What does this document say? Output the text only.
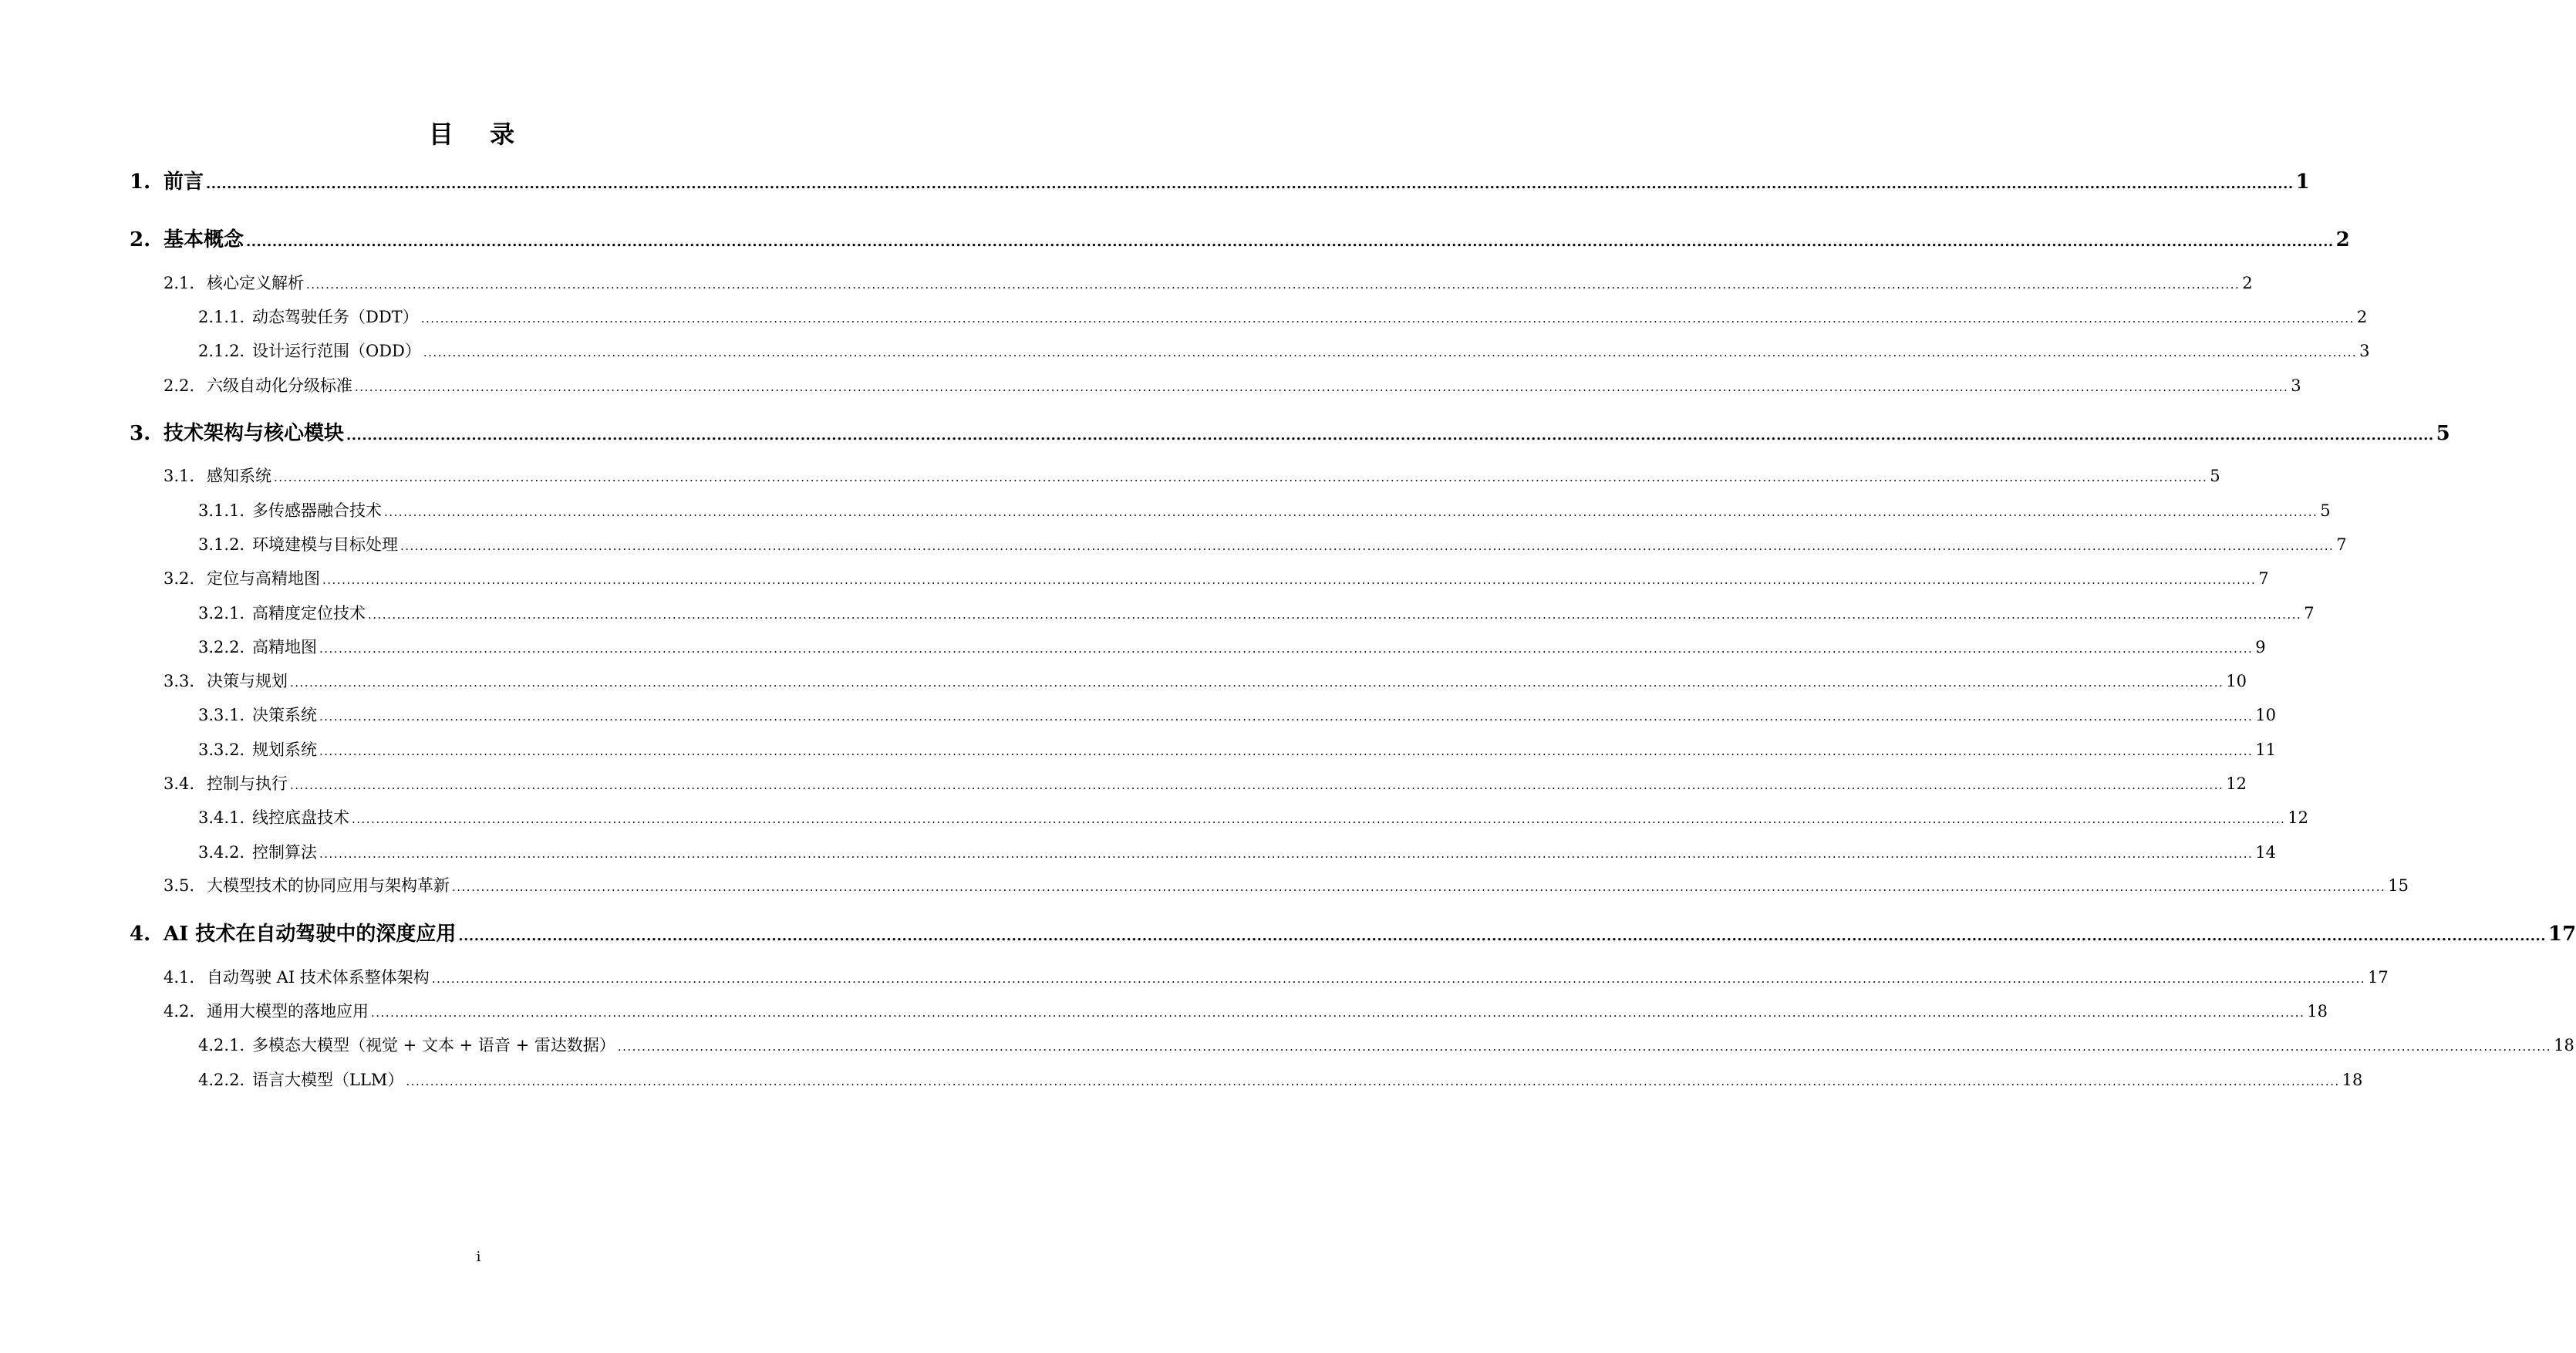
目 录
1. 前言 ................................................................................................................................................................................................................................................................................................................................................................................................................ 1
2. 基本概念 ................................................................................................................................................................................................................................................................................................................................................................................................................ 2
2.1. 核心定义解析 ................................................................................................................................................................................................................................................................................................................................................................................................................ 2
2.1.1. 动态驾驶任务（DDT） ................................................................................................................................................................................................................................................................................................................................................................................................................ 2
2.1.2. 设计运行范围（ODD） ................................................................................................................................................................................................................................................................................................................................................................................................................ 3
2.2. 六级自动化分级标准 ................................................................................................................................................................................................................................................................................................................................................................................................................ 3
3. 技术架构与核心模块 ................................................................................................................................................................................................................................................................................................................................................................................................................ 5
3.1. 感知系统 ................................................................................................................................................................................................................................................................................................................................................................................................................ 5
3.1.1. 多传感器融合技术 ................................................................................................................................................................................................................................................................................................................................................................................................................ 5
3.1.2. 环境建模与目标处理 ................................................................................................................................................................................................................................................................................................................................................................................................................ 7
3.2. 定位与高精地图 ................................................................................................................................................................................................................................................................................................................................................................................................................ 7
3.2.1. 高精度定位技术 ................................................................................................................................................................................................................................................................................................................................................................................................................ 7
3.2.2. 高精地图 ................................................................................................................................................................................................................................................................................................................................................................................................................ 9
3.3. 决策与规划 ................................................................................................................................................................................................................................................................................................................................................................................................................ 10
3.3.1. 决策系统 ................................................................................................................................................................................................................................................................................................................................................................................................................ 10
3.3.2. 规划系统 ................................................................................................................................................................................................................................................................................................................................................................................................................ 11
3.4. 控制与执行 ................................................................................................................................................................................................................................................................................................................................................................................................................ 12
3.4.1. 线控底盘技术 ................................................................................................................................................................................................................................................................................................................................................................................................................ 12
3.4.2. 控制算法 ................................................................................................................................................................................................................................................................................................................................................................................................................ 14
3.5. 大模型技术的协同应用与架构革新 ................................................................................................................................................................................................................................................................................................................................................................................................................ 15
4. AI 技术在自动驾驶中的深度应用 ................................................................................................................................................................................................................................................................................................................................................................................................................ 17
4.1. 自动驾驶 AI 技术体系整体架构 ................................................................................................................................................................................................................................................................................................................................................................................................................ 17
4.2. 通用大模型的落地应用 ................................................................................................................................................................................................................................................................................................................................................................................................................ 18
4.2.1. 多模态大模型（视觉 + 文本 + 语音 + 雷达数据） ................................................................................................................................................................................................................................................................................................................................................................................................................ 18
4.2.2. 语言大模型（LLM） ................................................................................................................................................................................................................................................................................................................................................................................................................ 18
i
